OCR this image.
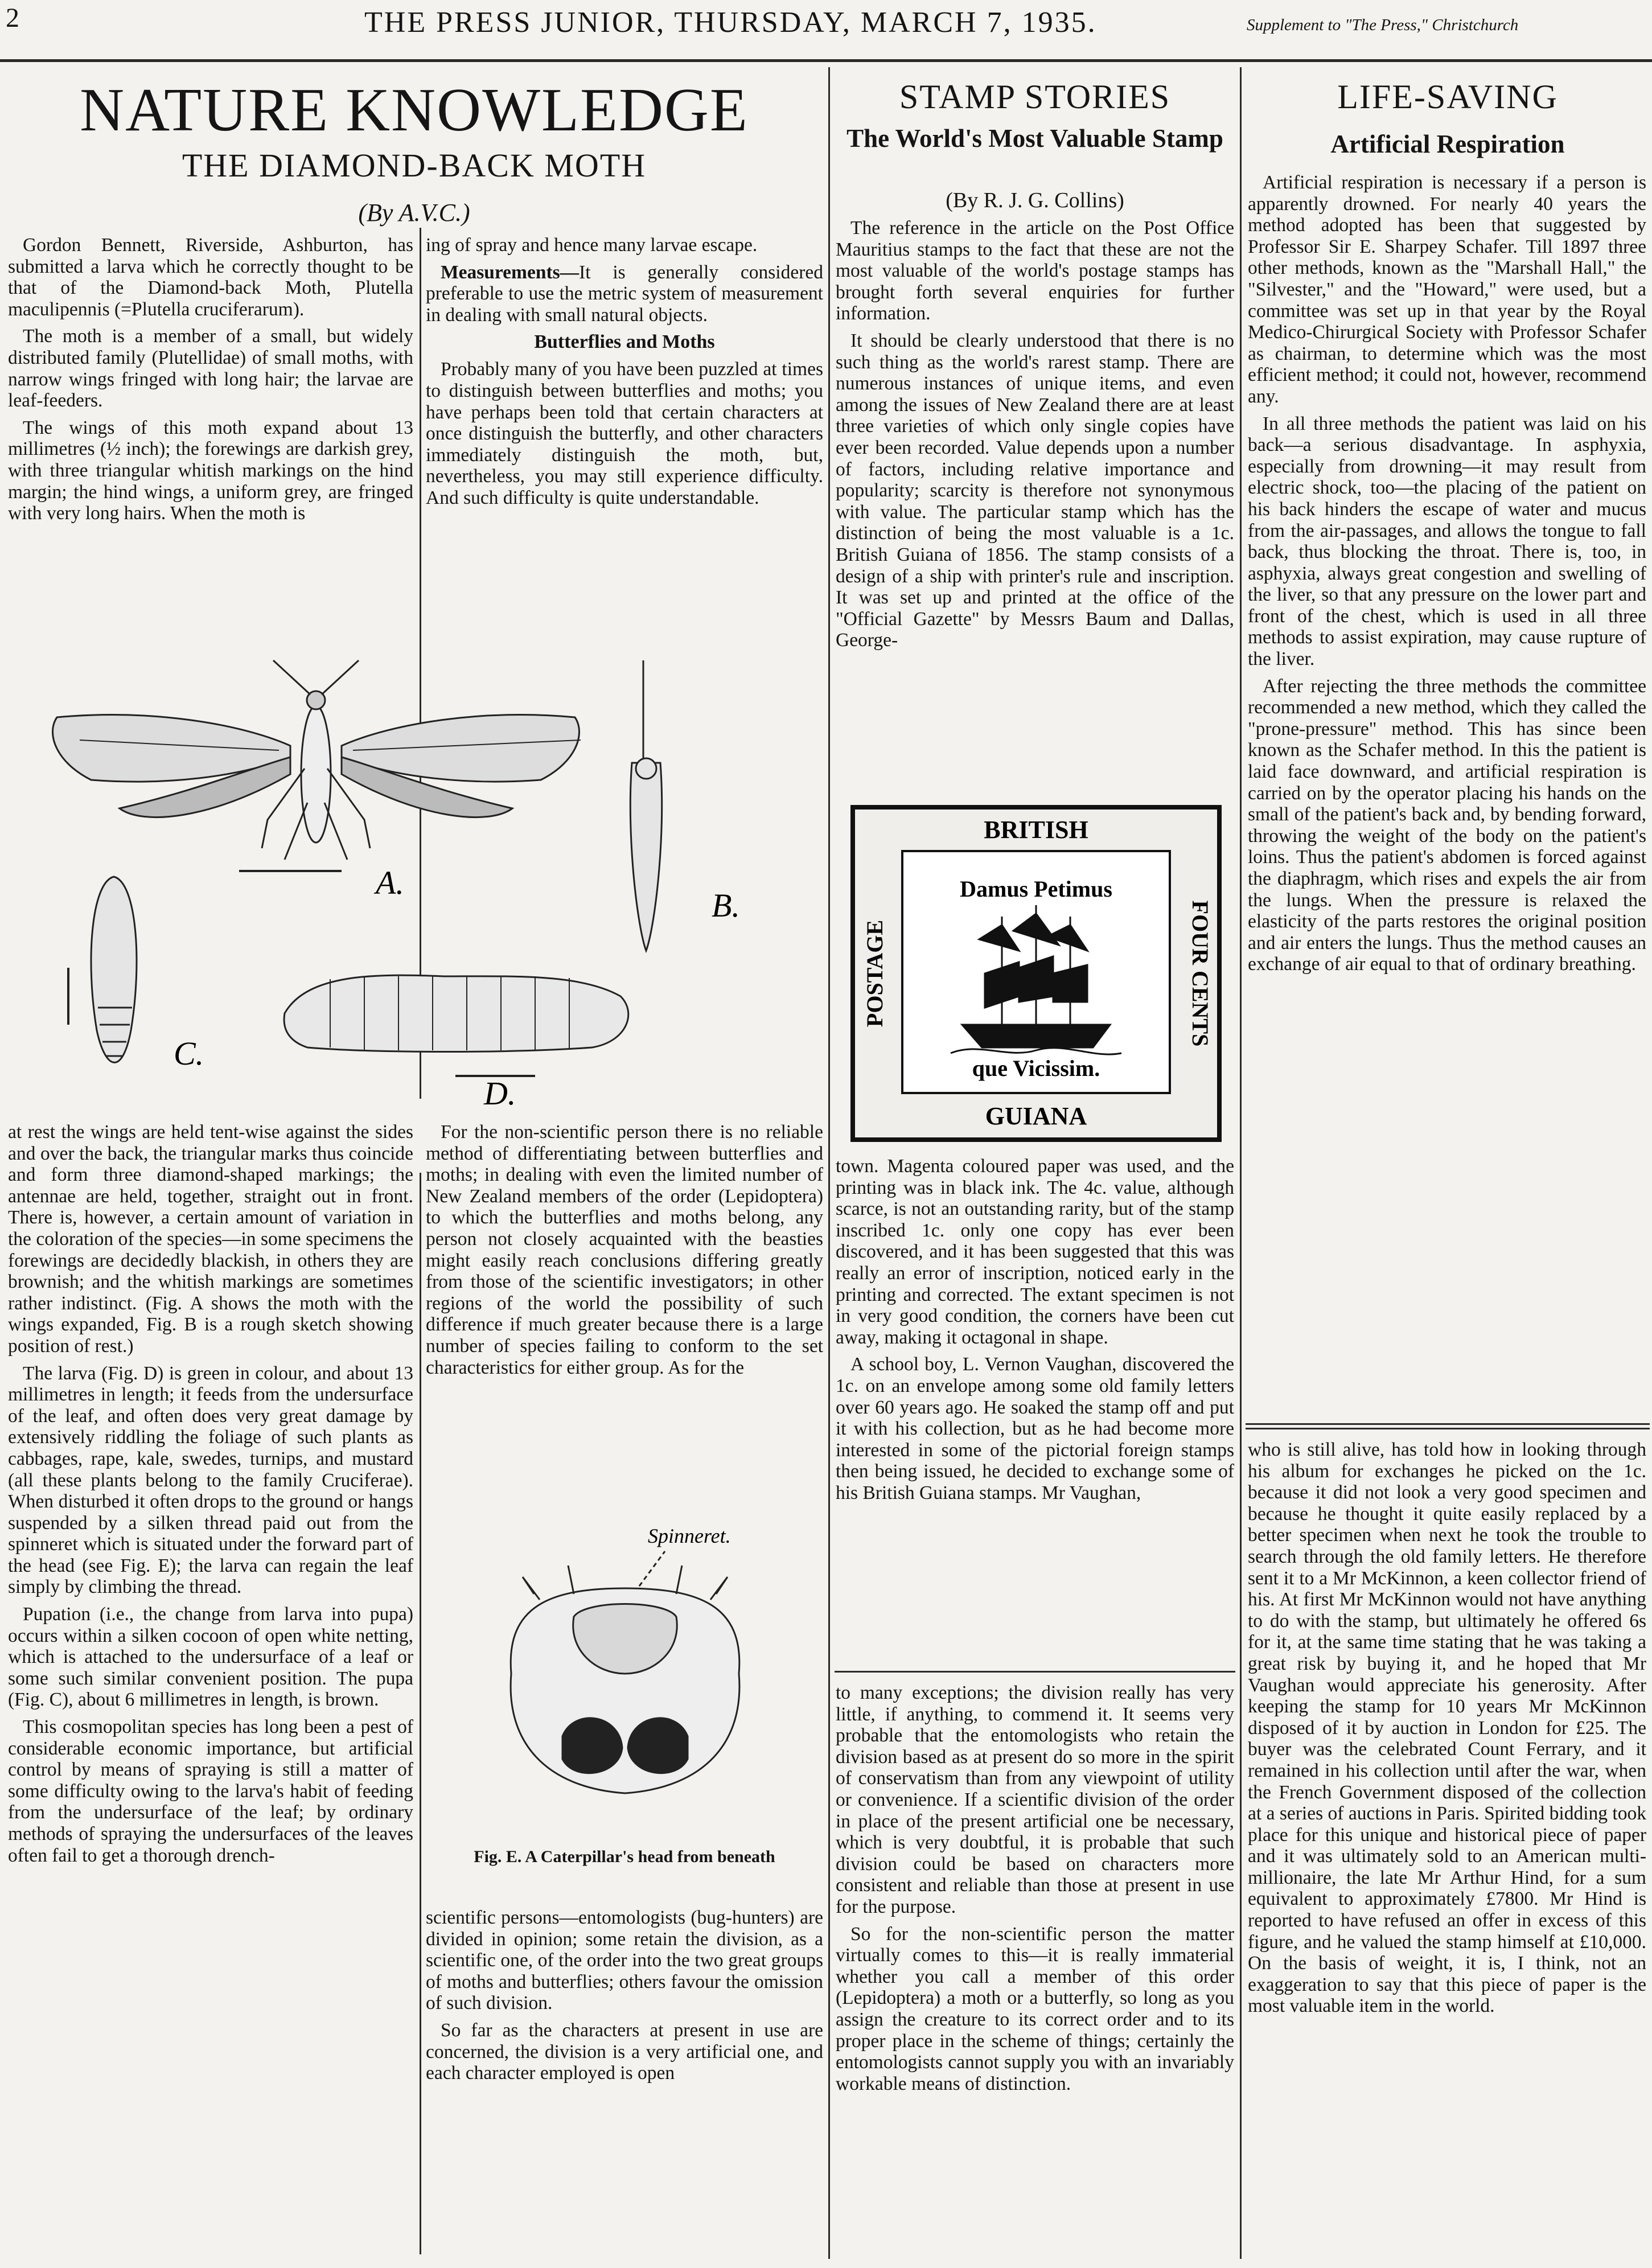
2	THE PRESS JUNIOR, THURSDAY, MARCH 7, 1935.	Supplement to "The Press," Christchurch
NATURE KNOWLEDGE
THE DIAMOND-BACK MOTH
(By A.V.C.)

Gordon Bennett, Riverside, Ashburton, has submitted a larva which he correctly thought to be that of the Diamond-back Moth, Plutella maculipennis (=Plutella cruciferarum).

The moth is a member of a small, but widely distributed family (Plutellidae) of small moths, with narrow wings fringed with long hair; the larvae are leaf-feeders.

The wings of this moth expand about 13 millimetres (½ inch); the forewings are darkish grey, with three triangular whitish markings on the hind margin; the hind wings, a uniform grey, are fringed with very long hairs. When the moth is

ing of spray and hence many larvae escape.

Measurements—It is generally considered preferable to use the metric system of measurement in dealing with small natural objects.

Butterflies and Moths

Probably many of you have been puzzled at times to distinguish between butterflies and moths; you have perhaps been told that certain characters at once distinguish the butterfly, and other characters immediately distinguish the moth, but, nevertheless, you may still experience difficulty. And such difficulty is quite understandable.

A.
B.
C.
D.

at rest the wings are held tent-wise against the sides and over the back, the triangular marks thus coincide and form three diamond-shaped markings; the antennae are held, together, straight out in front. There is, however, a certain amount of variation in the coloration of the species—in some specimens the forewings are decidedly blackish, in others they are brownish; and the whitish markings are sometimes rather indistinct. (Fig. A shows the moth with the wings expanded, Fig. B is a rough sketch showing position of rest.)

The larva (Fig. D) is green in colour, and about 13 millimetres in length; it feeds from the undersurface of the leaf, and often does very great damage by extensively riddling the foliage of such plants as cabbages, rape, kale, swedes, turnips, and mustard (all these plants belong to the family Cruciferae). When disturbed it often drops to the ground or hangs suspended by a silken thread paid out from the spinneret which is situated under the forward part of the head (see Fig. E); the larva can regain the leaf simply by climbing the thread.

Pupation (i.e., the change from larva into pupa) occurs within a silken cocoon of open white netting, which is attached to the undersurface of a leaf or some such similar convenient position. The pupa (Fig. C), about 6 millimetres in length, is brown.

This cosmopolitan species has long been a pest of considerable economic importance, but artificial control by means of spraying is still a matter of some difficulty owing to the larva's habit of feeding from the undersurface of the leaf; by ordinary methods of spraying the undersurfaces of the leaves often fail to get a thorough drench-

For the non-scientific person there is no reliable method of differentiating between butterflies and moths; in dealing with even the limited number of New Zealand members of the order (Lepidoptera) to which the butterflies and moths belong, any person not closely acquainted with the beasties might easily reach conclusions differing greatly from those of the scientific investigators; in other regions of the world the possibility of such difference if much greater because there is a large number of species failing to conform to the set characteristics for either group. As for the

Spinneret.
Fig. E. A Caterpillar's head from beneath

scientific persons—entomologists (bug-hunters) are divided in opinion; some retain the division, as a scientific one, of the order into the two great groups of moths and butterflies; others favour the omission of such division.

So far as the characters at present in use are concerned, the division is a very artificial one, and each character employed is open

STAMP STORIES
The World's Most Valuable Stamp
(By R. J. G. Collins)

The reference in the article on the Post Office Mauritius stamps to the fact that these are not the most valuable of the world's postage stamps has brought forth several enquiries for further information.

It should be clearly understood that there is no such thing as the world's rarest stamp. There are numerous instances of unique items, and even among the issues of New Zealand there are at least three varieties of which only single copies have ever been recorded. Value depends upon a number of factors, including relative importance and popularity; scarcity is therefore not synonymous with value. The particular stamp which has the distinction of being the most valuable is a 1c. British Guiana of 1856. The stamp consists of a design of a ship with printer's rule and inscription. It was set up and printed at the office of the "Official Gazette" by Messrs Baum and Dallas, George-

BRITISH
GUIANA
POSTAGE	FOUR CENTS
Damus Petimus
que Vicissim.

town. Magenta coloured paper was used, and the printing was in black ink. The 4c. value, although scarce, is not an outstanding rarity, but of the stamp inscribed 1c. only one copy has ever been discovered, and it has been suggested that this was really an error of inscription, noticed early in the printing and corrected. The extant specimen is not in very good condition, the corners have been cut away, making it octagonal in shape.

A school boy, L. Vernon Vaughan, discovered the 1c. on an envelope among some old family letters over 60 years ago. He soaked the stamp off and put it with his collection, but as he had become more interested in some of the pictorial foreign stamps then being issued, he decided to exchange some of his British Guiana stamps. Mr Vaughan,

to many exceptions; the division really has very little, if anything, to commend it. It seems very probable that the entomologists who retain the division based as at present do so more in the spirit of conservatism than from any viewpoint of utility or convenience. If a scientific division of the order in place of the present artificial one be necessary, which is very doubtful, it is probable that such division could be based on characters more consistent and reliable than those at present in use for the purpose.

So for the non-scientific person the matter virtually comes to this—it is really immaterial whether you call a member of this order (Lepidoptera) a moth or a butterfly, so long as you assign the creature to its correct order and to its proper place in the scheme of things; certainly the entomologists cannot supply you with an invariably workable means of distinction.

LIFE-SAVING
Artificial Respiration

Artificial respiration is necessary if a person is apparently drowned. For nearly 40 years the method adopted has been that suggested by Professor Sir E. Sharpey Schafer. Till 1897 three other methods, known as the "Marshall Hall," the "Silvester," and the "Howard," were used, but a committee was set up in that year by the Royal Medico-Chirurgical Society with Professor Schafer as chairman, to determine which was the most efficient method; it could not, however, recommend any.

In all three methods the patient was laid on his back—a serious disadvantage. In asphyxia, especially from drowning—it may result from electric shock, too—the placing of the patient on his back hinders the escape of water and mucus from the air-passages, and allows the tongue to fall back, thus blocking the throat. There is, too, in asphyxia, always great congestion and swelling of the liver, so that any pressure on the lower part and front of the chest, which is used in all three methods to assist expiration, may cause rupture of the liver.

After rejecting the three methods the committee recommended a new method, which they called the "prone-pressure" method. This has since been known as the Schafer method. In this the patient is laid face downward, and artificial respiration is carried on by the operator placing his hands on the small of the patient's back and, by bending forward, throwing the weight of the body on the patient's loins. Thus the patient's abdomen is forced against the diaphragm, which rises and expels the air from the lungs. When the pressure is relaxed the elasticity of the parts restores the original position and air enters the lungs. Thus the method causes an exchange of air equal to that of ordinary breathing.

who is still alive, has told how in looking through his album for exchanges he picked on the 1c. because it did not look a very good specimen and because he thought it quite easily replaced by a better specimen when next he took the trouble to search through the old family letters. He therefore sent it to a Mr McKinnon, a keen collector friend of his. At first Mr McKinnon would not have anything to do with the stamp, but ultimately he offered 6s for it, at the same time stating that he was taking a great risk by buying it, and he hoped that Mr Vaughan would appreciate his generosity. After keeping the stamp for 10 years Mr McKinnon disposed of it by auction in London for £25. The buyer was the celebrated Count Ferrary, and it remained in his collection until after the war, when the French Government disposed of the collection at a series of auctions in Paris. Spirited bidding took place for this unique and historical piece of paper and it was ultimately sold to an American multi-millionaire, the late Mr Arthur Hind, for a sum equivalent to approximately £7800. Mr Hind is reported to have refused an offer in excess of this figure, and he valued the stamp himself at £10,000. On the basis of weight, it is, I think, not an exaggeration to say that this piece of paper is the most valuable item in the world.
